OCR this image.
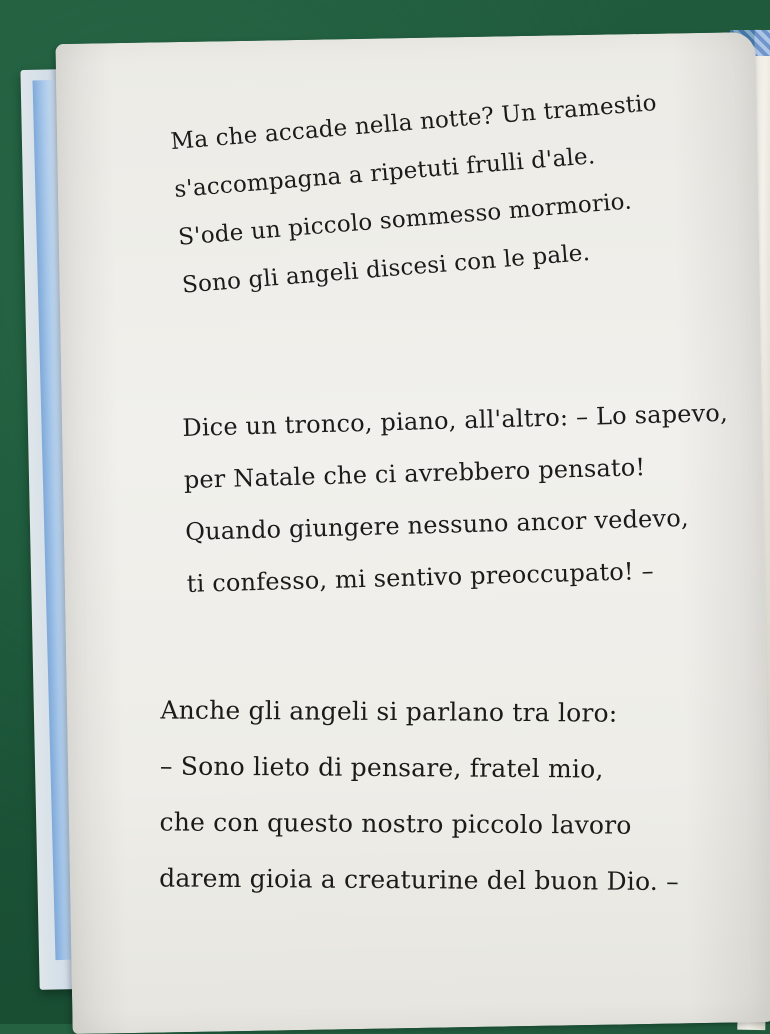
Ma che accade nella notte? Un tramestio
s'accompagna a ripetuti frulli d'ale.
S'ode un piccolo sommesso mormorio.
Sono gli angeli discesi con le pale.
Dice un tronco, piano, all'altro: – Lo sapevo,
per Natale che ci avrebbero pensato!
Quando giungere nessuno ancor vedevo,
ti confesso, mi sentivo preoccupato! –
Anche gli angeli si parlano tra loro:
– Sono lieto di pensare, fratel mio,
che con questo nostro piccolo lavoro
darem gioia a creaturine del buon Dio. –
